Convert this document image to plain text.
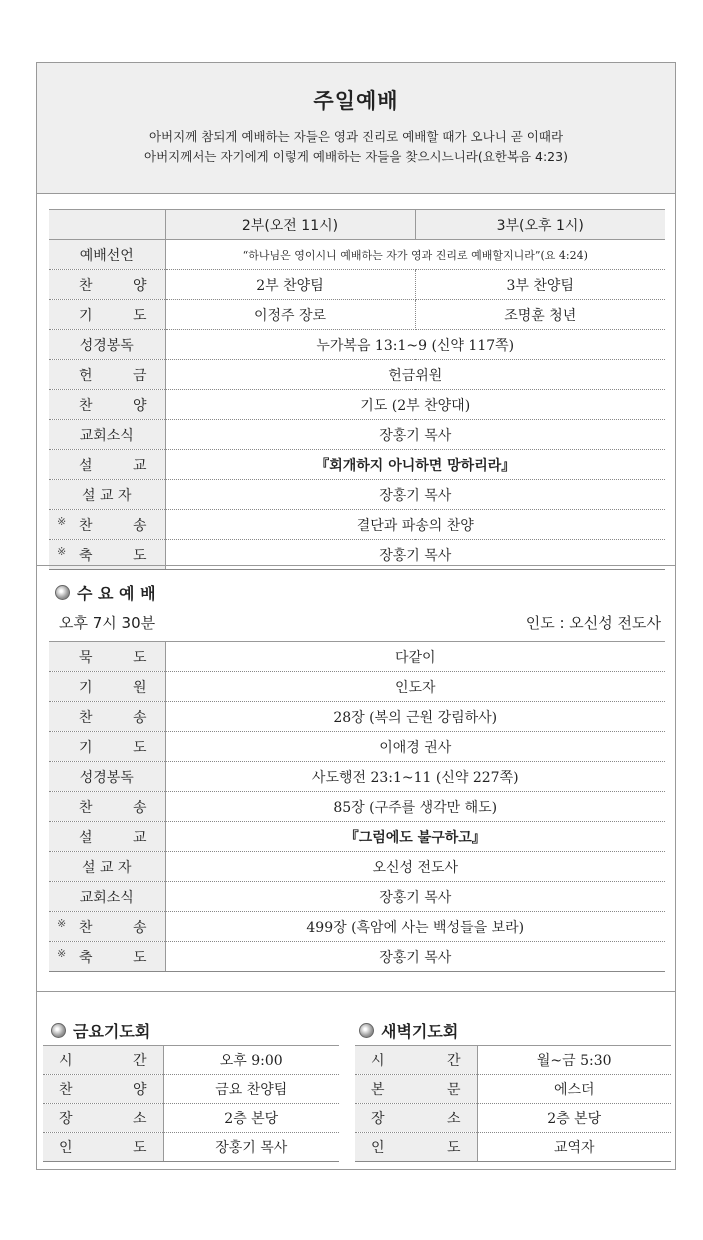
주일예배
아버지께 참되게 예배하는 자들은 영과 진리로 예배할 때가 오나니 곧 이때라
아버지께서는 자기에게 이렇게 예배하는 자들을 찾으시느니라(요한복음 4:23)
	2부(오전 11시)	3부(오후 1시)

예배선언	“하나님은 영이시니 예배하는 자가 영과 진리로 예배할지니라”(요 4:24)	

찬 양	2부 찬양팀	3부 찬양팀

기 도	이정주 장로	조명훈 청년

성경봉독	누가복음 13:1~9 (신약 117쪽)	

헌 금	헌금위원	

찬 양	기도 (2부 찬양대)	

교회소식	장홍기 목사	

설 교	『회개하지 아니하면 망하리라』	

설 교 자	장홍기 목사	

※ 찬 송	결단과 파송의 찬양	

※ 축 도	장홍기 목사	
수 요 예 배
오후 7시 30분	인도 : 오신성 전도사
묵 도	다같이

기 원	인도자

찬 송	28장 (복의 근원 강림하사)

기 도	이애경 권사

성경봉독	사도행전 23:1~11 (신약 227쪽)

찬 송	85장 (구주를 생각만 해도)

설 교	『그럼에도 불구하고』

설 교 자	오신성 전도사

교회소식	장홍기 목사

※ 찬 송	499장 (흑암에 사는 백성들을 보라)

※ 축 도	장홍기 목사
금요기도회	새벽기도회
시 간	오후 9:00

찬 양	금요 찬양팀

장 소	2층 본당

인 도	장홍기 목사
시 간	월~금 5:30

본 문	에스더

장 소	2층 본당

인 도	교역자
